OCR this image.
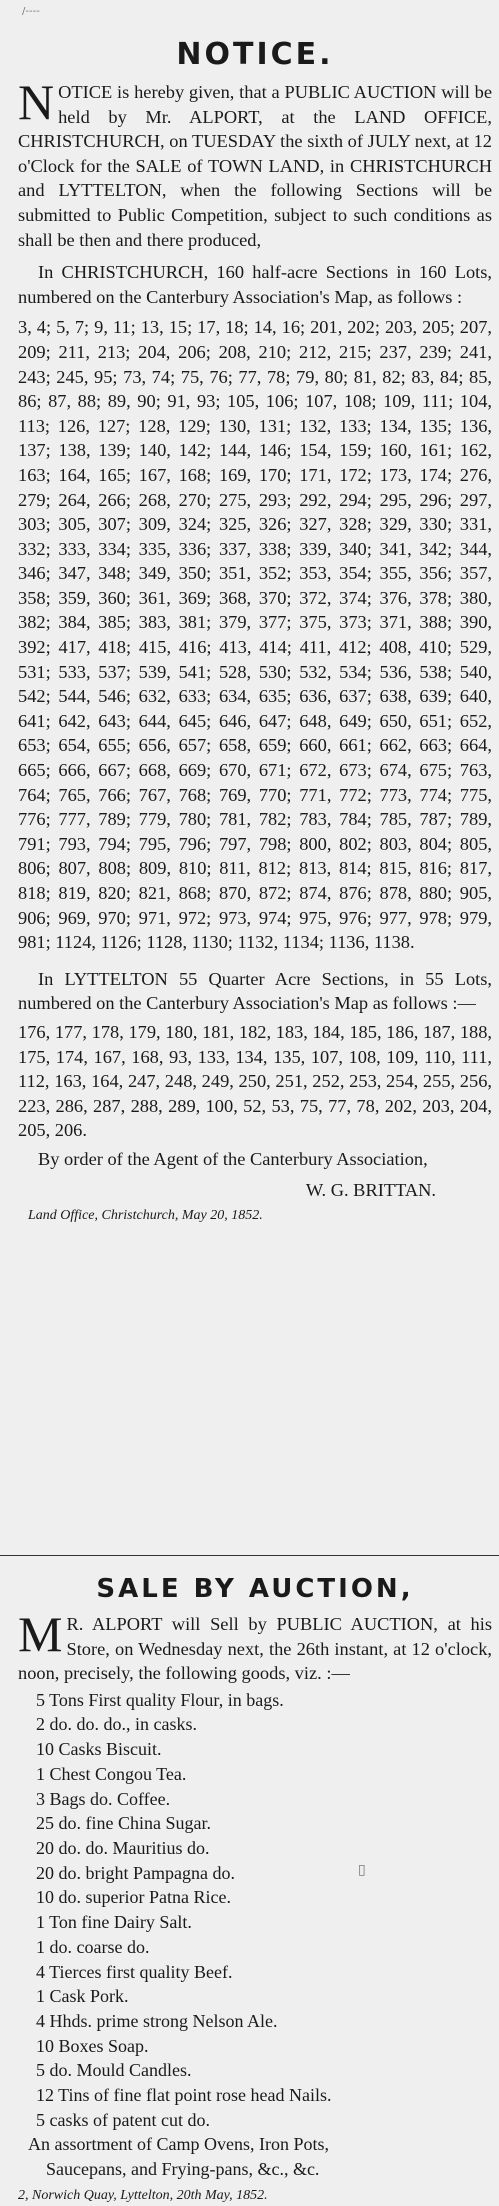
/‑‑‑‑
NOTICE.

NOTICE is hereby given, that a PUBLIC AUCTION will be held by Mr. ALPORT, at the LAND OFFICE, CHRISTCHURCH, on TUESDAY the sixth of JULY next, at 12 o'Clock for the SALE of TOWN LAND, in CHRISTCHURCH and LYTTELTON, when the following Sections will be submitted to Public Competition, subject to such conditions as shall be then and there produced,

In CHRISTCHURCH, 160 half-acre Sections in 160 Lots, numbered on the Canterbury Association's Map, as follows :

3, 4; 5, 7; 9, 11; 13, 15; 17, 18; 14, 16; 201, 202; 203, 205; 207, 209; 211, 213; 204, 206; 208, 210; 212, 215; 237, 239; 241, 243; 245, 95; 73, 74; 75, 76; 77, 78; 79, 80; 81, 82; 83, 84; 85, 86; 87, 88; 89, 90; 91, 93; 105, 106; 107, 108; 109, 111; 104, 113; 126, 127; 128, 129; 130, 131; 132, 133; 134, 135; 136, 137; 138, 139; 140, 142; 144, 146; 154, 159; 160, 161; 162, 163; 164, 165; 167, 168; 169, 170; 171, 172; 173, 174; 276, 279; 264, 266; 268, 270; 275, 293; 292, 294; 295, 296; 297, 303; 305, 307; 309, 324; 325, 326; 327, 328; 329, 330; 331, 332; 333, 334; 335, 336; 337, 338; 339, 340; 341, 342; 344, 346; 347, 348; 349, 350; 351, 352; 353, 354; 355, 356; 357, 358; 359, 360; 361, 369; 368, 370; 372, 374; 376, 378; 380, 382; 384, 385; 383, 381; 379, 377; 375, 373; 371, 388; 390, 392; 417, 418; 415, 416; 413, 414; 411, 412; 408, 410; 529, 531; 533, 537; 539, 541; 528, 530; 532, 534; 536, 538; 540, 542; 544, 546; 632, 633; 634, 635; 636, 637; 638, 639; 640, 641; 642, 643; 644, 645; 646, 647; 648, 649; 650, 651; 652, 653; 654, 655; 656, 657; 658, 659; 660, 661; 662, 663; 664, 665; 666, 667; 668, 669; 670, 671; 672, 673; 674, 675; 763, 764; 765, 766; 767, 768; 769, 770; 771, 772; 773, 774; 775, 776; 777, 789; 779, 780; 781, 782; 783, 784; 785, 787; 789, 791; 793, 794; 795, 796; 797, 798; 800, 802; 803, 804; 805, 806; 807, 808; 809, 810; 811, 812; 813, 814; 815, 816; 817, 818; 819, 820; 821, 868; 870, 872; 874, 876; 878, 880; 905, 906; 969, 970; 971, 972; 973, 974; 975, 976; 977, 978; 979, 981; 1124, 1126; 1128, 1130; 1132, 1134; 1136, 1138.

In LYTTELTON 55 Quarter Acre Sections, in 55 Lots, numbered on the Canterbury Association's Map as follows :—

176, 177, 178, 179, 180, 181, 182, 183, 184, 185, 186, 187, 188, 175, 174, 167, 168, 93, 133, 134, 135, 107, 108, 109, 110, 111, 112, 163, 164, 247, 248, 249, 250, 251, 252, 253, 254, 255, 256, 223, 286, 287, 288, 289, 100, 52, 53, 75, 77, 78, 202, 203, 204, 205, 206.

By order of the Agent of the Canterbury Association,

W. G. BRITTAN.

Land Office, Christchurch, May 20, 1852.

SALE BY AUCTION,

M R. ALPORT will Sell by PUBLIC AUCTION, at his Store, on Wednesday next, the 26th instant, at 12 o'clock, noon, precisely, the following goods, viz. :—

5 Tons First quality Flour, in bags.

2 do. do. do., in casks.

10 Casks Biscuit.

1 Chest Congou Tea.

3 Bags do. Coffee.

25 do. fine China Sugar.

20 do. do. Mauritius do.

20 do. bright Pampagna do.

10 do. superior Patna Rice.

1 Ton fine Dairy Salt.

1 do. coarse do.

4 Tierces first quality Beef.

1 Cask Pork.

4 Hhds. prime strong Nelson Ale.

10 Boxes Soap.

5 do. Mould Candles.

12 Tins of fine flat point rose head Nails.

5 casks of patent cut do.

An assortment of Camp Ovens, Iron Pots,

Saucepans, and Frying-pans, &c., &c.

2, Norwich Quay, Lyttelton, 20th May, 1852.

▯
